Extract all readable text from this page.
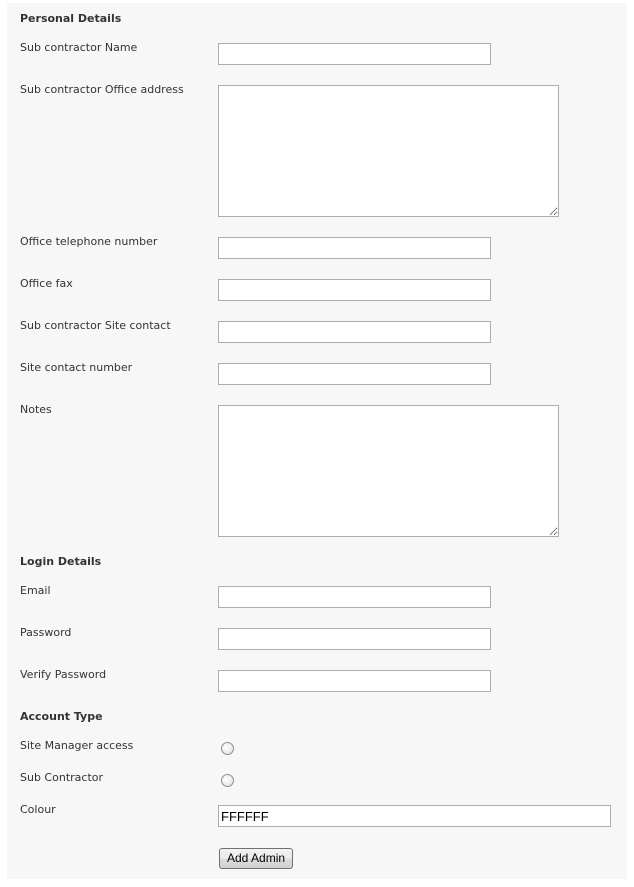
Personal Details
Sub contractor Name
Sub contractor Office address
Office telephone number
Office fax
Sub contractor Site contact
Site contact number
Notes
Login Details
Email
Password
Verify Password
Account Type
Site Manager access
Sub Contractor
Colour
FFFFFF
Add Admin
